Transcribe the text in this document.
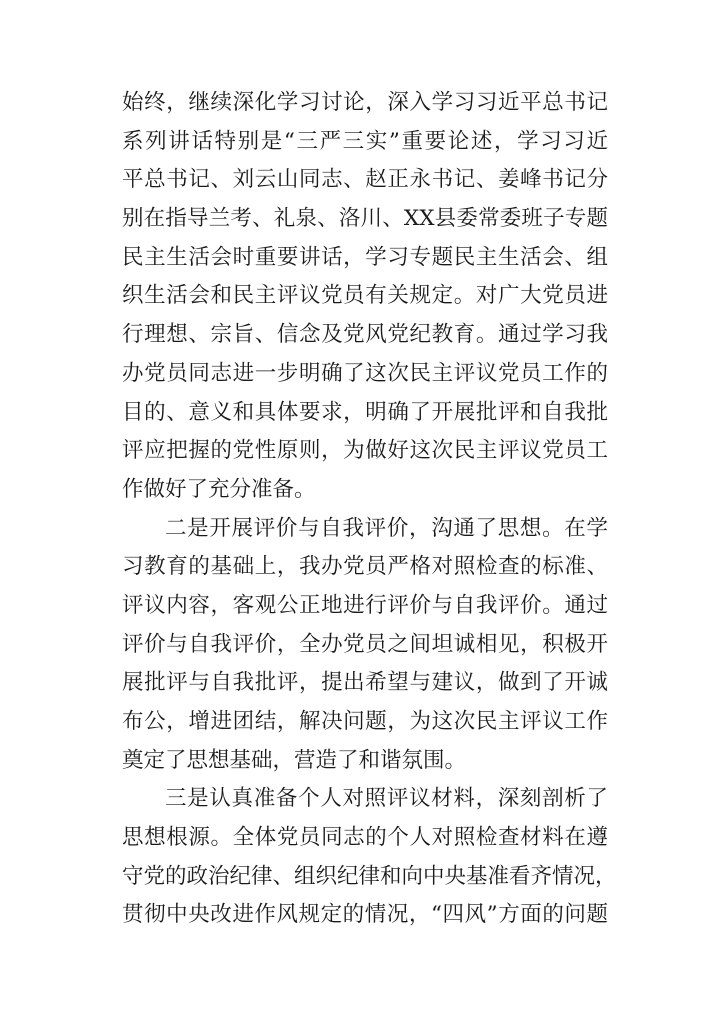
始终，继续深化学习讨论，深入学习习近平总书记
系列讲话特别是“三严三实”重要论述，学习习近
平总书记、刘云山同志、赵正永书记、姜峰书记分
别在指导兰考、礼泉、洛川、XX县委常委班子专题
民主生活会时重要讲话，学习专题民主生活会、组
织生活会和民主评议党员有关规定。对广大党员进
行理想、宗旨、信念及党风党纪教育。通过学习我
办党员同志进一步明确了这次民主评议党员工作的
目的、意义和具体要求，明确了开展批评和自我批
评应把握的党性原则，为做好这次民主评议党员工
作做好了充分准备。
二是开展评价与自我评价，沟通了思想。在学
习教育的基础上，我办党员严格对照检查的标准、
评议内容，客观公正地进行评价与自我评价。通过
评价与自我评价，全办党员之间坦诚相见，积极开
展批评与自我批评，提出希望与建议，做到了开诚
布公，增进团结，解决问题，为这次民主评议工作
奠定了思想基础，营造了和谐氛围。
三是认真准备个人对照评议材料，深刻剖析了
思想根源。全体党员同志的个人对照检查材料在遵
守党的政治纪律、组织纪律和向中央基准看齐情况，
贯彻中央改进作风规定的情况，“四风”方面的问题
